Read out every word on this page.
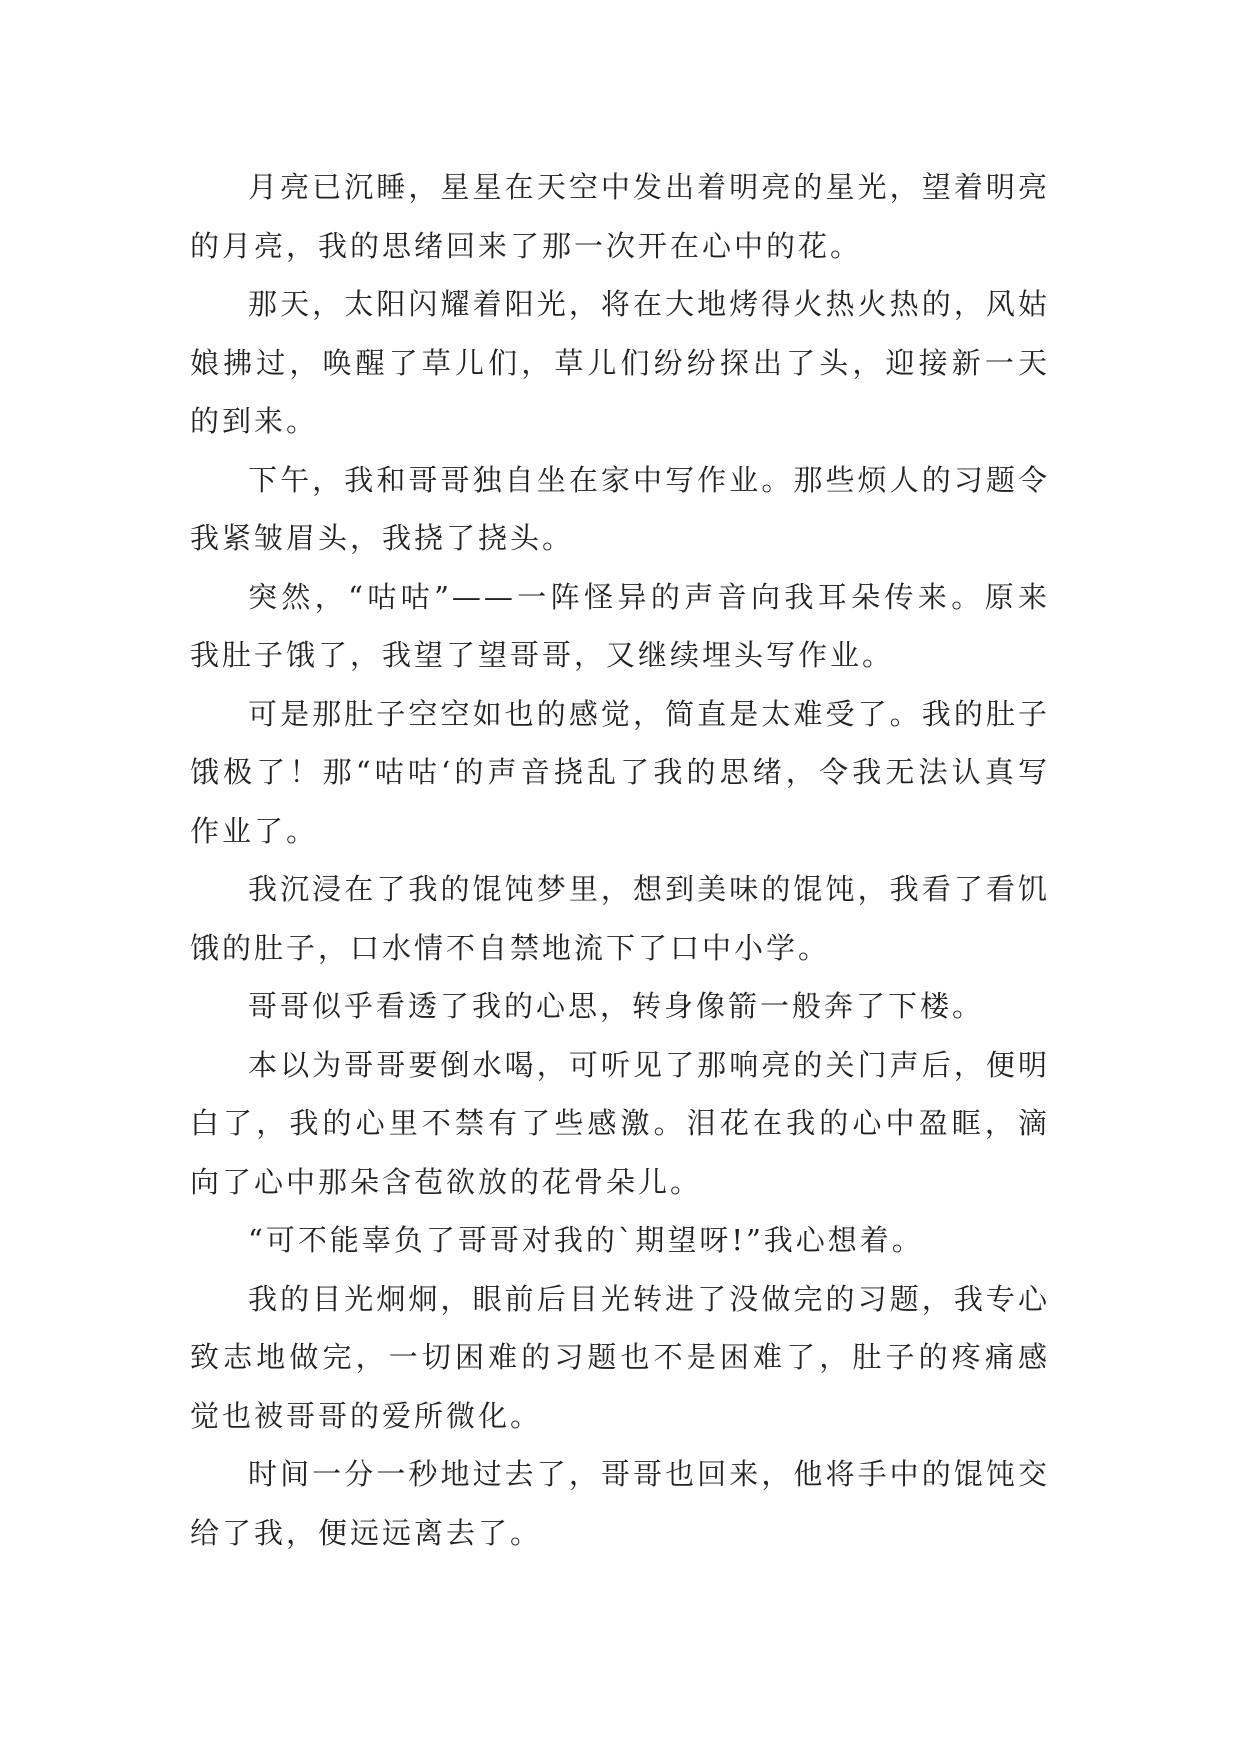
月亮已沉睡，星星在天空中发出着明亮的星光，望着明亮的月亮，我的思绪回来了那一次开在心中的花。

那天，太阳闪耀着阳光，将在大地烤得火热火热的，风姑娘拂过，唤醒了草儿们，草儿们纷纷探出了头，迎接新一天的到来。

下午，我和哥哥独自坐在家中写作业。那些烦人的习题令我紧皱眉头，我挠了挠头。

突然，“咕咕”——一阵怪异的声音向我耳朵传来。原来我肚子饿了，我望了望哥哥，又继续埋头写作业。

可是那肚子空空如也的感觉，简直是太难受了。我的肚子饿极了！那“咕咕‘的声音挠乱了我的思绪，令我无法认真写作业了。

我沉浸在了我的馄饨梦里，想到美味的馄饨，我看了看饥饿的肚子，口水情不自禁地流下了口中小学。

哥哥似乎看透了我的心思，转身像箭一般奔了下楼。

本以为哥哥要倒水喝，可听见了那响亮的关门声后，便明白了，我的心里不禁有了些感激。泪花在我的心中盈眶，滴向了心中那朵含苞欲放的花骨朵儿。

“可不能辜负了哥哥对我的`期望呀!”我心想着。

我的目光炯炯，眼前后目光转进了没做完的习题，我专心致志地做完，一切困难的习题也不是困难了，肚子的疼痛感觉也被哥哥的爱所微化。

时间一分一秒地过去了，哥哥也回来，他将手中的馄饨交给了我，便远远离去了。
